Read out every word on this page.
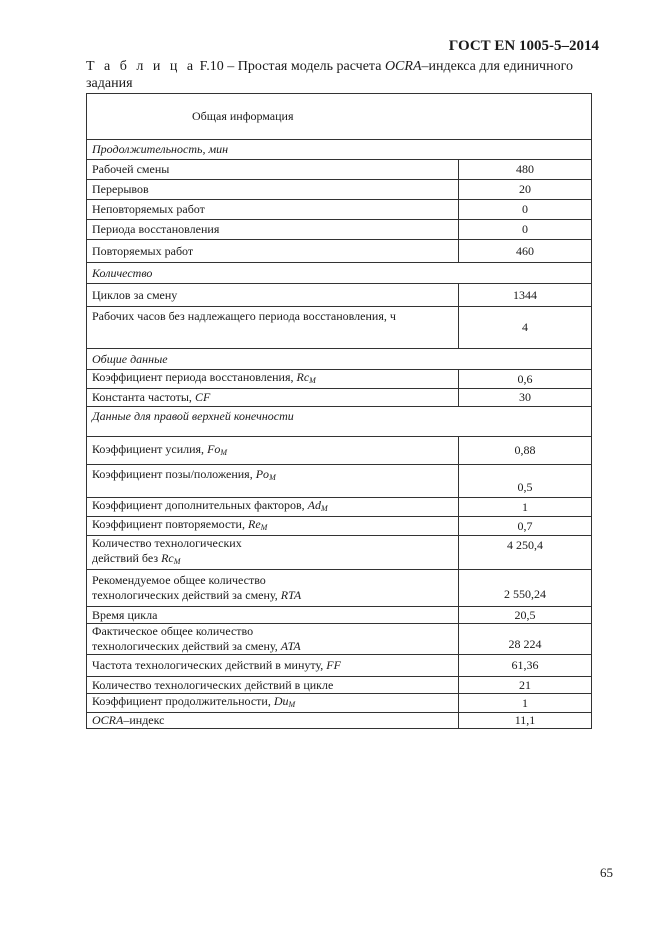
ГОСТ EN 1005-5–2014
Т а б л и ц а F.10 – Простая модель расчета OCRA–индекса для единичного задания
Общая информация	
Продолжительность, мин	
Рабочей смены	480
Перерывов	20
Неповторяемых работ	0
Периода восстановления	0
Повторяемых работ	460
Количество	
Циклов за смену	1344
Рабочих часов без надлежащего периода восстановления, ч	4
Общие данные	
Коэффициент периода восстановления, $Rc_M$	0,6
Константа частоты, CF	30
Данные для правой верхней конечности	
Коэффициент усилия, $Fo_M$	0,88
Коэффициент позы/положения, $Po_M$	0,5
Коэффициент дополнительных факторов, $Ad_M$	1
Коэффициент повторяемости, $Re_M$	0,7
Количество технологических
действий без $Rc_M$	4 250,4
Рекомендуемое общее количество
технологических действий за смену, RTA	2 550,24
Время цикла	20,5
Фактическое общее количество
технологических действий за смену, ATA	28 224
Частота технологических действий в минуту, FF	61,36
Количество технологических действий в цикле	21
Коэффициент продолжительности, $Du_M$	1
OCRA–индекс	11,1
65
